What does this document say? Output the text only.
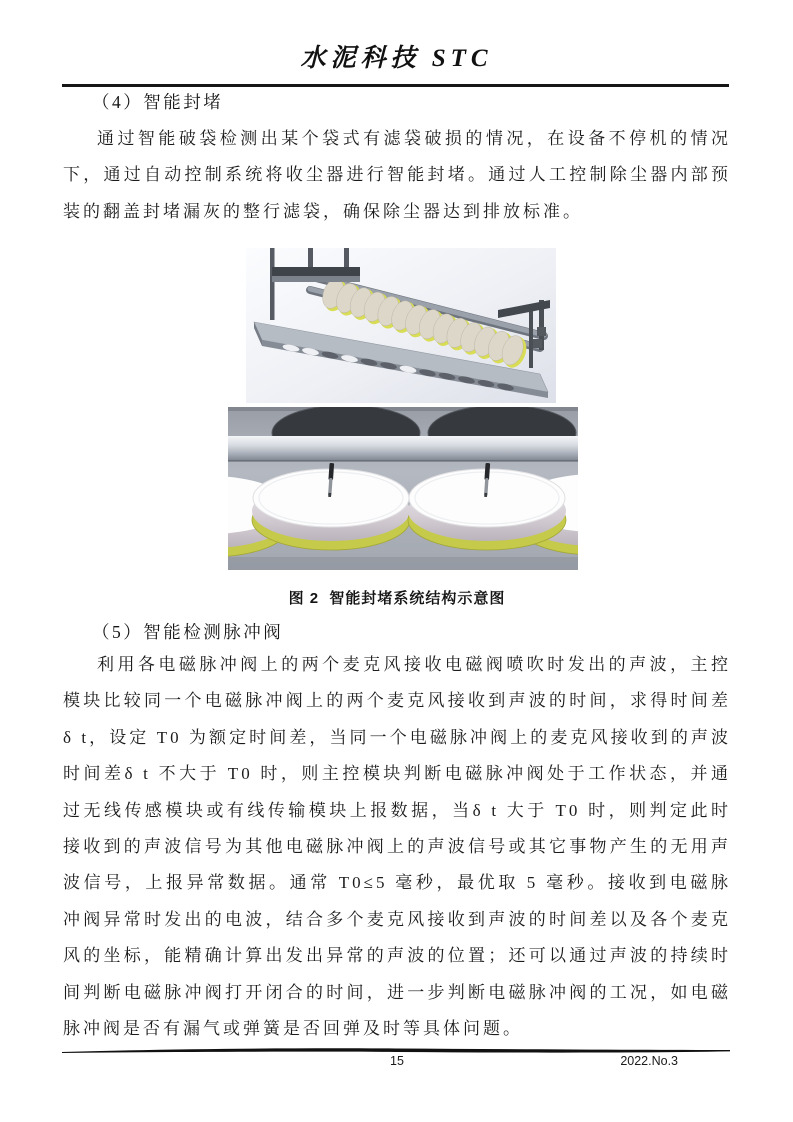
水泥科技 STC
（4）智能封堵
通过智能破袋检测出某个袋式有滤袋破损的情况，在设备不停机的情况下，通过自动控制系统将收尘器进行智能封堵。通过人工控制除尘器内部预装的翻盖封堵漏灰的整行滤袋，确保除尘器达到排放标准。
图 2  智能封堵系统结构示意图
（5）智能检测脉冲阀
利用各电磁脉冲阀上的两个麦克风接收电磁阀喷吹时发出的声波，主控模块比较同一个电磁脉冲阀上的两个麦克风接收到声波的时间，求得时间差δ t，设定 T0 为额定时间差，当同一个电磁脉冲阀上的麦克风接收到的声波时间差δ t 不大于 T0 时，则主控模块判断电磁脉冲阀处于工作状态，并通过无线传感模块或有线传输模块上报数据，当δ t 大于 T0 时，则判定此时接收到的声波信号为其他电磁脉冲阀上的声波信号或其它事物产生的无用声波信号，上报异常数据。通常 T0≤5 毫秒，最优取 5 毫秒。接收到电磁脉冲阀异常时发出的电波，结合多个麦克风接收到声波的时间差以及各个麦克风的坐标，能精确计算出发出异常的声波的位置；还可以通过声波的持续时间判断电磁脉冲阀打开闭合的时间，进一步判断电磁脉冲阀的工况，如电磁脉冲阀是否有漏气或弹簧是否回弹及时等具体问题。
15	2022.No.3
